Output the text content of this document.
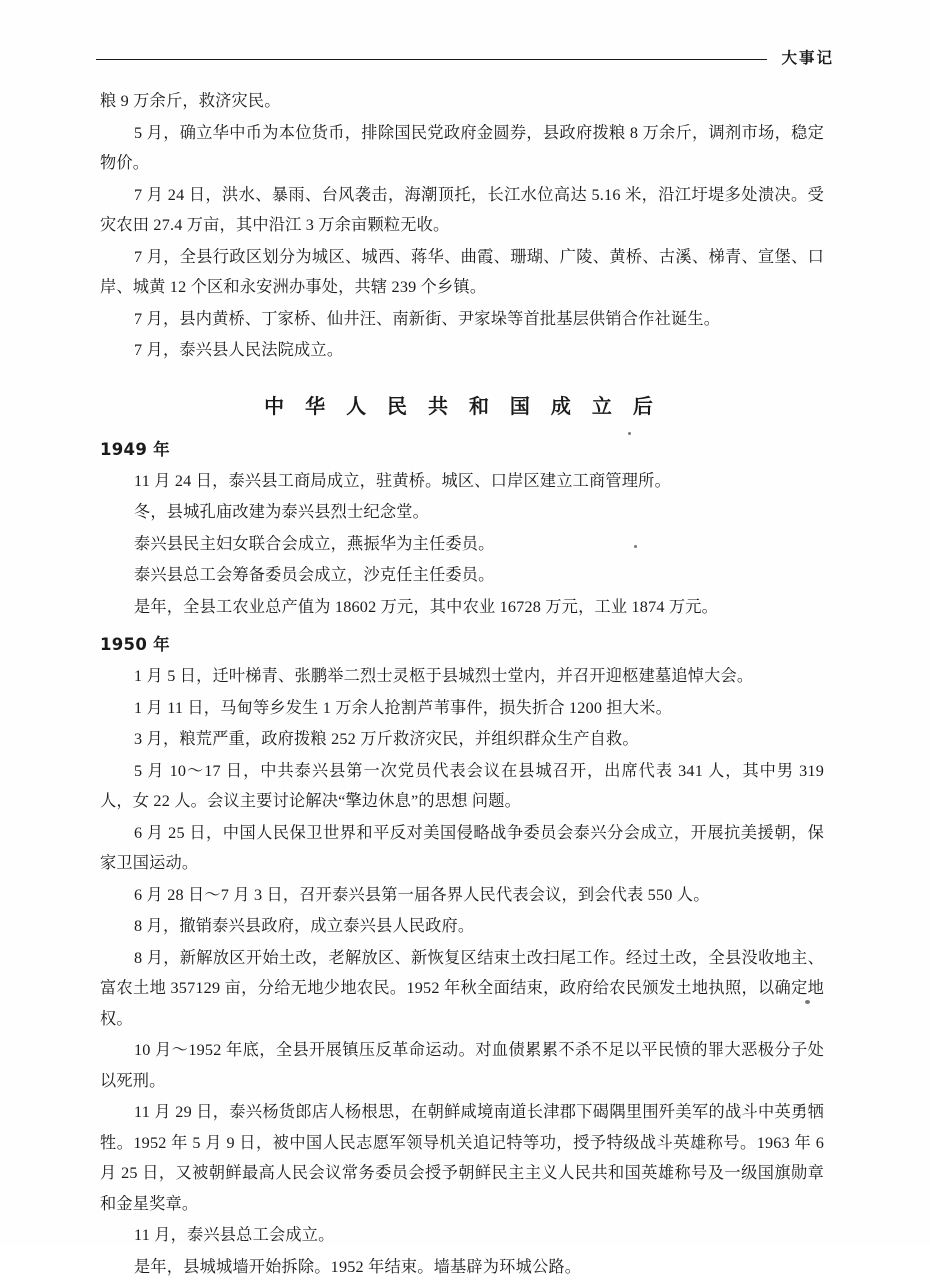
大事记

粮 9 万余斤，救济灾民。

5 月，确立华中币为本位货币，排除国民党政府金圆券，县政府拨粮 8 万余斤，调剂市场，稳定物价。

7 月 24 日，洪水、暴雨、台风袭击，海潮顶托，长江水位高达 5.16 米，沿江圩堤多处溃决。受灾农田 27.4 万亩，其中沿江 3 万余亩颗粒无收。

7 月，全县行政区划分为城区、城西、蒋华、曲霞、珊瑚、广陵、黄桥、古溪、梯青、宣堡、口岸、城黄 12 个区和永安洲办事处，共辖 239 个乡镇。

7 月，县内黄桥、丁家桥、仙井汪、南新街、尹家垛等首批基层供销合作社诞生。

7 月，泰兴县人民法院成立。

中 华 人 民 共 和 国 成 立 后
1949 年

11 月 24 日，泰兴县工商局成立，驻黄桥。城区、口岸区建立工商管理所。

冬，县城孔庙改建为泰兴县烈士纪念堂。

泰兴县民主妇女联合会成立，燕振华为主任委员。

泰兴县总工会筹备委员会成立，沙克任主任委员。

是年，全县工农业总产值为 18602 万元，其中农业 16728 万元，工业 1874 万元。

1950 年

1 月 5 日，迁叶梯青、张鹏举二烈士灵柩于县城烈士堂内，并召开迎柩建墓追悼大会。

1 月 11 日，马甸等乡发生 1 万余人抢割芦苇事件，损失折合 1200 担大米。

3 月，粮荒严重，政府拨粮 252 万斤救济灾民，并组织群众生产自救。

5 月 10～17 日，中共泰兴县第一次党员代表会议在县城召开，出席代表 341 人，其中男 319 人，女 22 人。会议主要讨论解决“擎边休息”的思想 问题。

6 月 25 日，中国人民保卫世界和平反对美国侵略战争委员会泰兴分会成立，开展抗美援朝，保家卫国运动。

6 月 28 日～7 月 3 日，召开泰兴县第一届各界人民代表会议，到会代表 550 人。

8 月，撤销泰兴县政府，成立泰兴县人民政府。

8 月，新解放区开始土改，老解放区、新恢复区结束土改扫尾工作。经过土改，全县没收地主、富农土地 357129 亩，分给无地少地农民。1952 年秋全面结束，政府给农民颁发土地执照，以确定地权。

10 月～1952 年底，全县开展镇压反革命运动。对血债累累不杀不足以平民愤的罪大恶极分子处以死刑。

11 月 29 日，泰兴杨货郎店人杨根思，在朝鲜咸境南道长津郡下碣隅里围歼美军的战斗中英勇牺牲。1952 年 5 月 9 日，被中国人民志愿军领导机关追记特等功，授予特级战斗英雄称号。1963 年 6 月 25 日，又被朝鲜最高人民会议常务委员会授予朝鲜民主主义人民共和国英雄称号及一级国旗勋章和金星奖章。

11 月，泰兴县总工会成立。

是年，县城城墙开始拆除。1952 年结束。墙基辟为环城公路。
